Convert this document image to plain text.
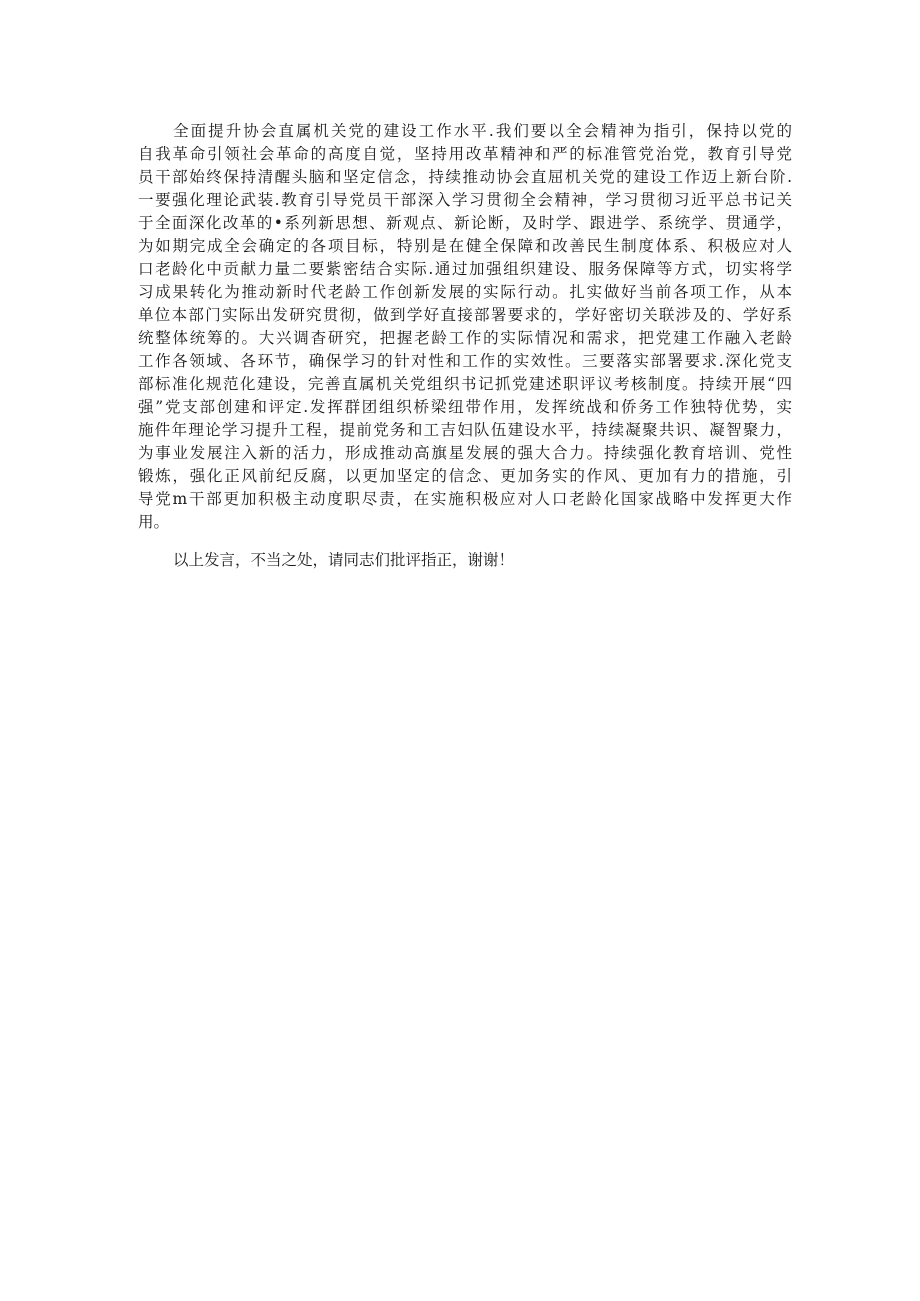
　　全面提升协会直属机关党的建设工作水平.我们要以全会精神为指引，保持以党的
自我革命引领社会革命的高度自觉，坚持用改革精神和严的标准管党治党，教育引导党
员干部始终保持清醒头脑和坚定信念，持续推动协会直屈机关党的建设工作迈上新台阶.
一要强化理论武装.教育引导党员干部深入学习贯彻全会精神，学习贯彻习近平总书记关
于全面深化改革的•系列新思想、新观点、新论断，及时学、跟进学、系统学、贯通学，
为如期完成全会确定的各项目标，特别是在健全保障和改善民生制度体系、积极应对人
口老龄化中贡献力量二要紫密结合实际.通过加强组织建设、服务保障等方式，切实将学
习成果转化为推动新时代老龄工作创新发展的实际行动。扎实做好当前各项工作，从本
单位本部门实际出发研究贯彻，做到学好直接部署要求的，学好密切关联涉及的、学好系
统整体统筹的。大兴调杳研究，把握老龄工作的实际情况和需求，把党建工作融入老龄
工作各领域、各环节，确保学习的针对性和工作的实效性。三要落实部署要求.深化党支
部标准化规范化建设，完善直属机关党组织书记抓党建述职评议考核制度。持续开展“四
强”党支部创建和评定.发挥群团组织桥梁纽带作用，发挥统战和侨务工作独特优势，实
施件年理论学习提升工程，提前党务和工吉妇队伍建设水平，持续凝聚共识、凝智聚力，
为事业发展注入新的活力，形成推动高旗星发展的强大合力。持续强化教育培训、党性
锻炼，强化正风前纪反腐，以更加坚定的信念、更加务实的作风、更加有力的措施，引
导党m干部更加积极主动度职尽责，在实施积极应对人口老龄化国家战略中发挥更大作
用。
以上发言，不当之处，请同志们批评指正，谢谢！
